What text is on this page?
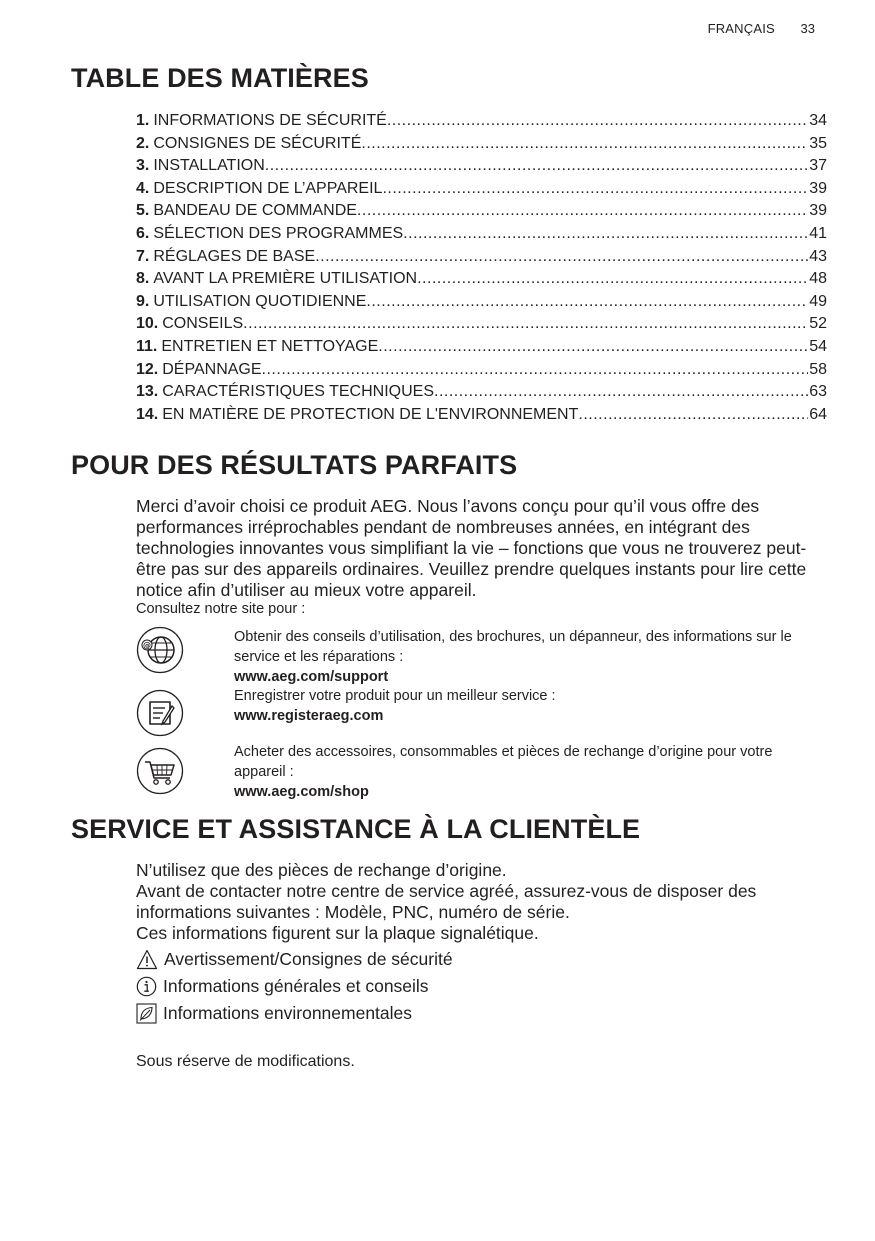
FRANÇAIS 33
TABLE DES MATIÈRES
1. INFORMATIONS DE SÉCURITÉ .....	34
2. CONSIGNES DE SÉCURITÉ .....	35
3. INSTALLATION .....	37
4. DESCRIPTION DE L’APPAREIL .....	39
5. BANDEAU DE COMMANDE .....	39
6. SÉLECTION DES PROGRAMMES .....	41
7. RÉGLAGES DE BASE .....	43
8. AVANT LA PREMIÈRE UTILISATION .....	48
9. UTILISATION QUOTIDIENNE .....	49
10. CONSEILS .....	52
11. ENTRETIEN ET NETTOYAGE .....	54
12. DÉPANNAGE .....	58
13. CARACTÉRISTIQUES TECHNIQUES .....	63
14. EN MATIÈRE DE PROTECTION DE L'ENVIRONNEMENT .....	64
POUR DES RÉSULTATS PARFAITS

Merci d’avoir choisi ce produit AEG. Nous l’avons conçu pour qu’il vous offre des performances irréprochables pendant de nombreuses années, en intégrant des technologies innovantes vous simplifiant la vie – fonctions que vous ne trouverez peut-être pas sur des appareils ordinaires. Veuillez prendre quelques instants pour lire cette notice afin d’utiliser au mieux votre appareil.

Consultez notre site pour :

@
Obtenir des conseils d’utilisation, des brochures, un dépanneur, des informations sur le service et les réparations :
www.aeg.com/support
Enregistrer votre produit pour un meilleur service :
www.registeraeg.com
Acheter des accessoires, consommables et pièces de rechange d’origine pour votre appareil :
www.aeg.com/shop
SERVICE ET ASSISTANCE À LA CLIENTÈLE

N’utilisez que des pièces de rechange d’origine.

Avant de contacter notre centre de service agréé, assurez-vous de disposer des informations suivantes : Modèle, PNC, numéro de série.

Ces informations figurent sur la plaque signalétique.

Avertissement/Consignes de sécurité
Informations générales et conseils
Informations environnementales

Sous réserve de modifications.
